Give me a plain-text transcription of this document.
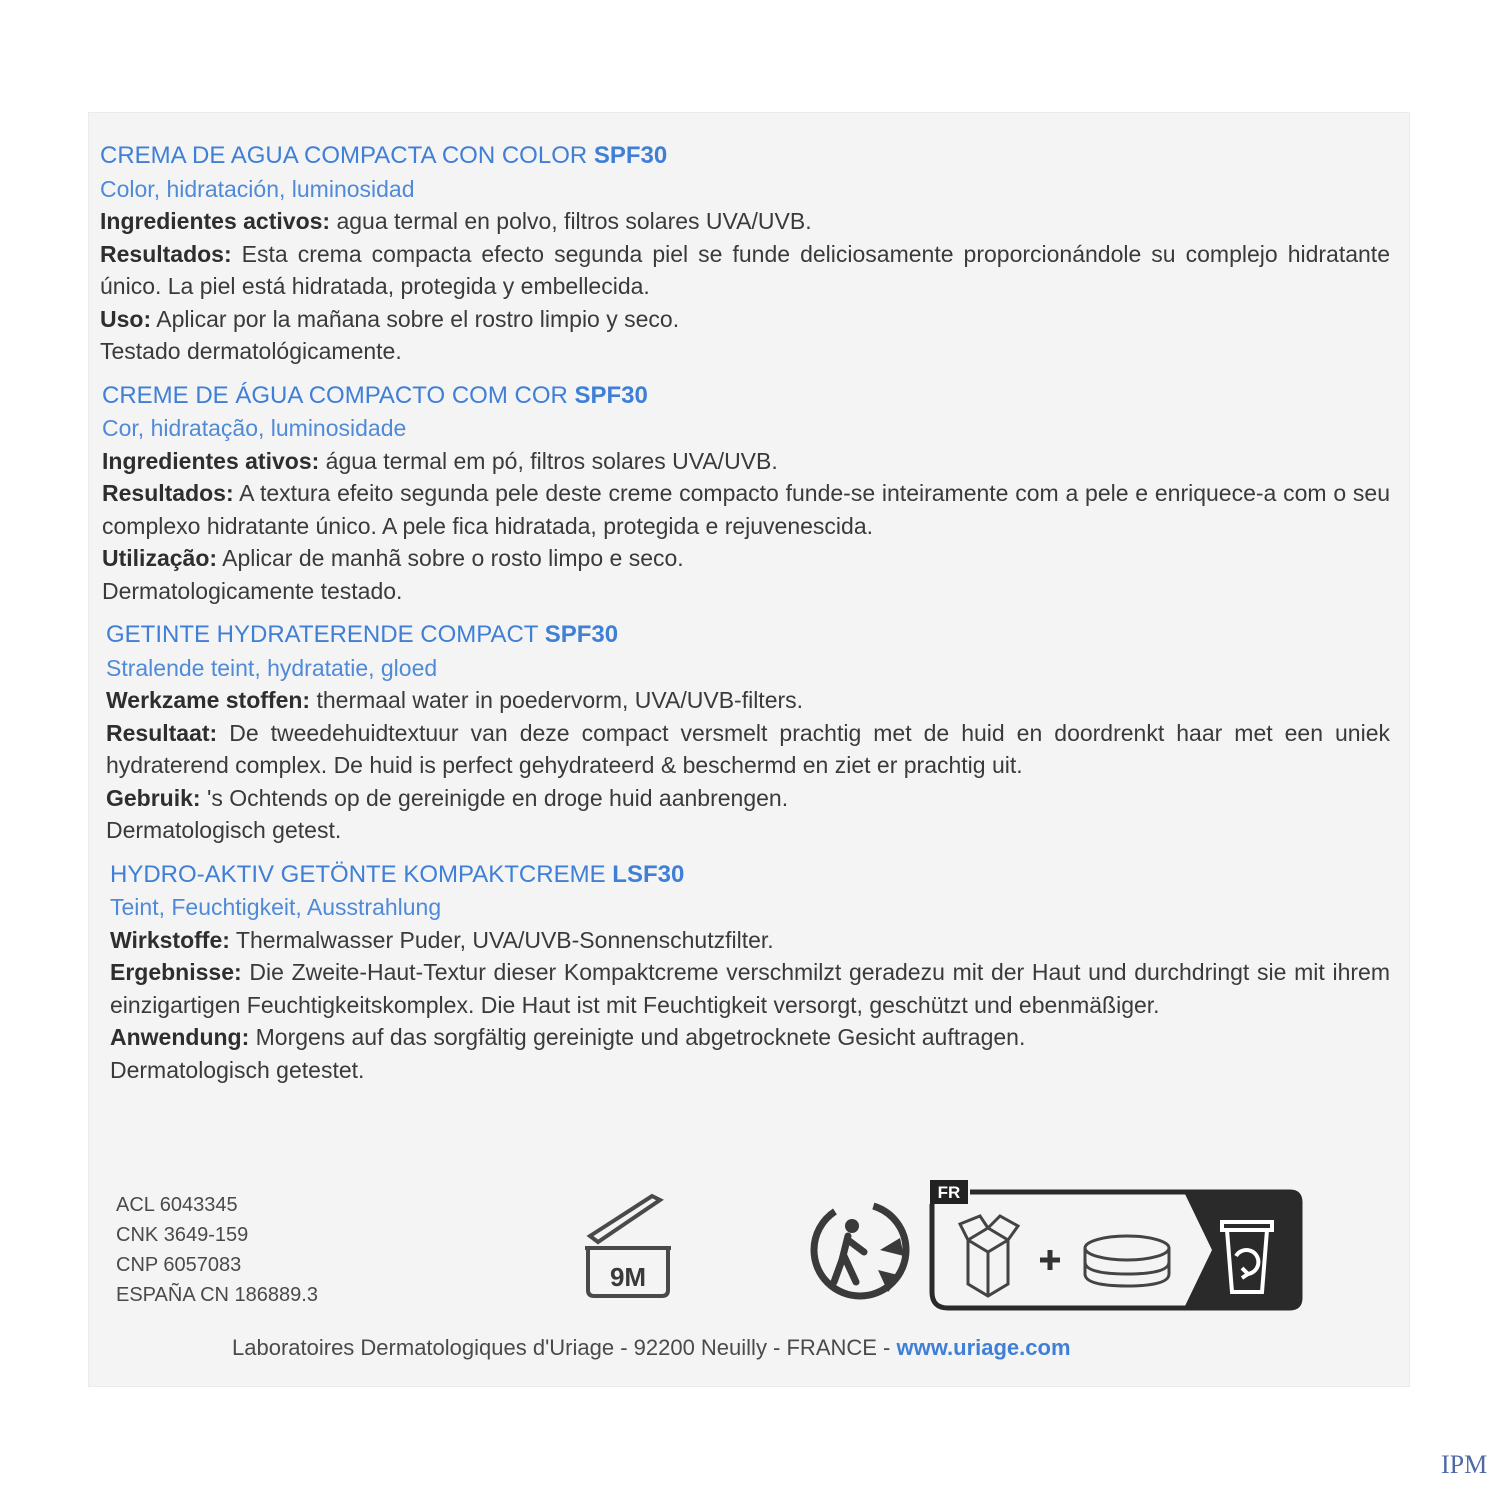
CREMA DE AGUA COMPACTA CON COLOR SPF30
Color, hidratación, luminosidad
Ingredientes activos: agua termal en polvo, filtros solares UVA/UVB.
Resultados: Esta crema compacta efecto segunda piel se funde deliciosamente proporcionándole su complejo hidratante único. La piel está hidratada, protegida y embellecida.
Uso: Aplicar por la mañana sobre el rostro limpio y seco.
Testado dermatológicamente.
CREME DE ÁGUA COMPACTO COM COR SPF30
Cor, hidratação, luminosidade
Ingredientes ativos: água termal em pó, filtros solares UVA/UVB.
Resultados: A textura efeito segunda pele deste creme compacto funde-se inteiramente com a pele e enriquece-a com o seu complexo hidratante único. A pele fica hidratada, protegida e rejuvenescida.
Utilização: Aplicar de manhã sobre o rosto limpo e seco.
Dermatologicamente testado.
GETINTE HYDRATERENDE COMPACT SPF30
Stralende teint, hydratatie, gloed
Werkzame stoffen: thermaal water in poedervorm, UVA/UVB-filters.
Resultaat: De tweedehuidtextuur van deze compact versmelt prachtig met de huid en doordrenkt haar met een uniek hydraterend complex. De huid is perfect gehydrateerd & beschermd en ziet er prachtig uit.
Gebruik: 's Ochtends op de gereinigde en droge huid aanbrengen.
Dermatologisch getest.
HYDRO-AKTIV GETÖNTE KOMPAKTCREME LSF30
Teint, Feuchtigkeit, Ausstrahlung
Wirkstoffe: Thermalwasser Puder, UVA/UVB-Sonnenschutzfilter.
Ergebnisse: Die Zweite-Haut-Textur dieser Kompaktcreme verschmilzt geradezu mit der Haut und durchdringt sie mit ihrem einzigartigen Feuchtigkeitskomplex. Die Haut ist mit Feuchtigkeit versorgt, geschützt und ebenmäßiger.
Anwendung: Morgens auf das sorgfältig gereinigte und abgetrocknete Gesicht auftragen.
Dermatologisch getestet.
ACL 6043345
CNK 3649-159
CNP 6057083
ESPAÑA CN 186889.3
9M
FR
Laboratoires Dermatologiques d'Uriage - 92200 Neuilly - FRANCE - www.uriage.com
IPM
